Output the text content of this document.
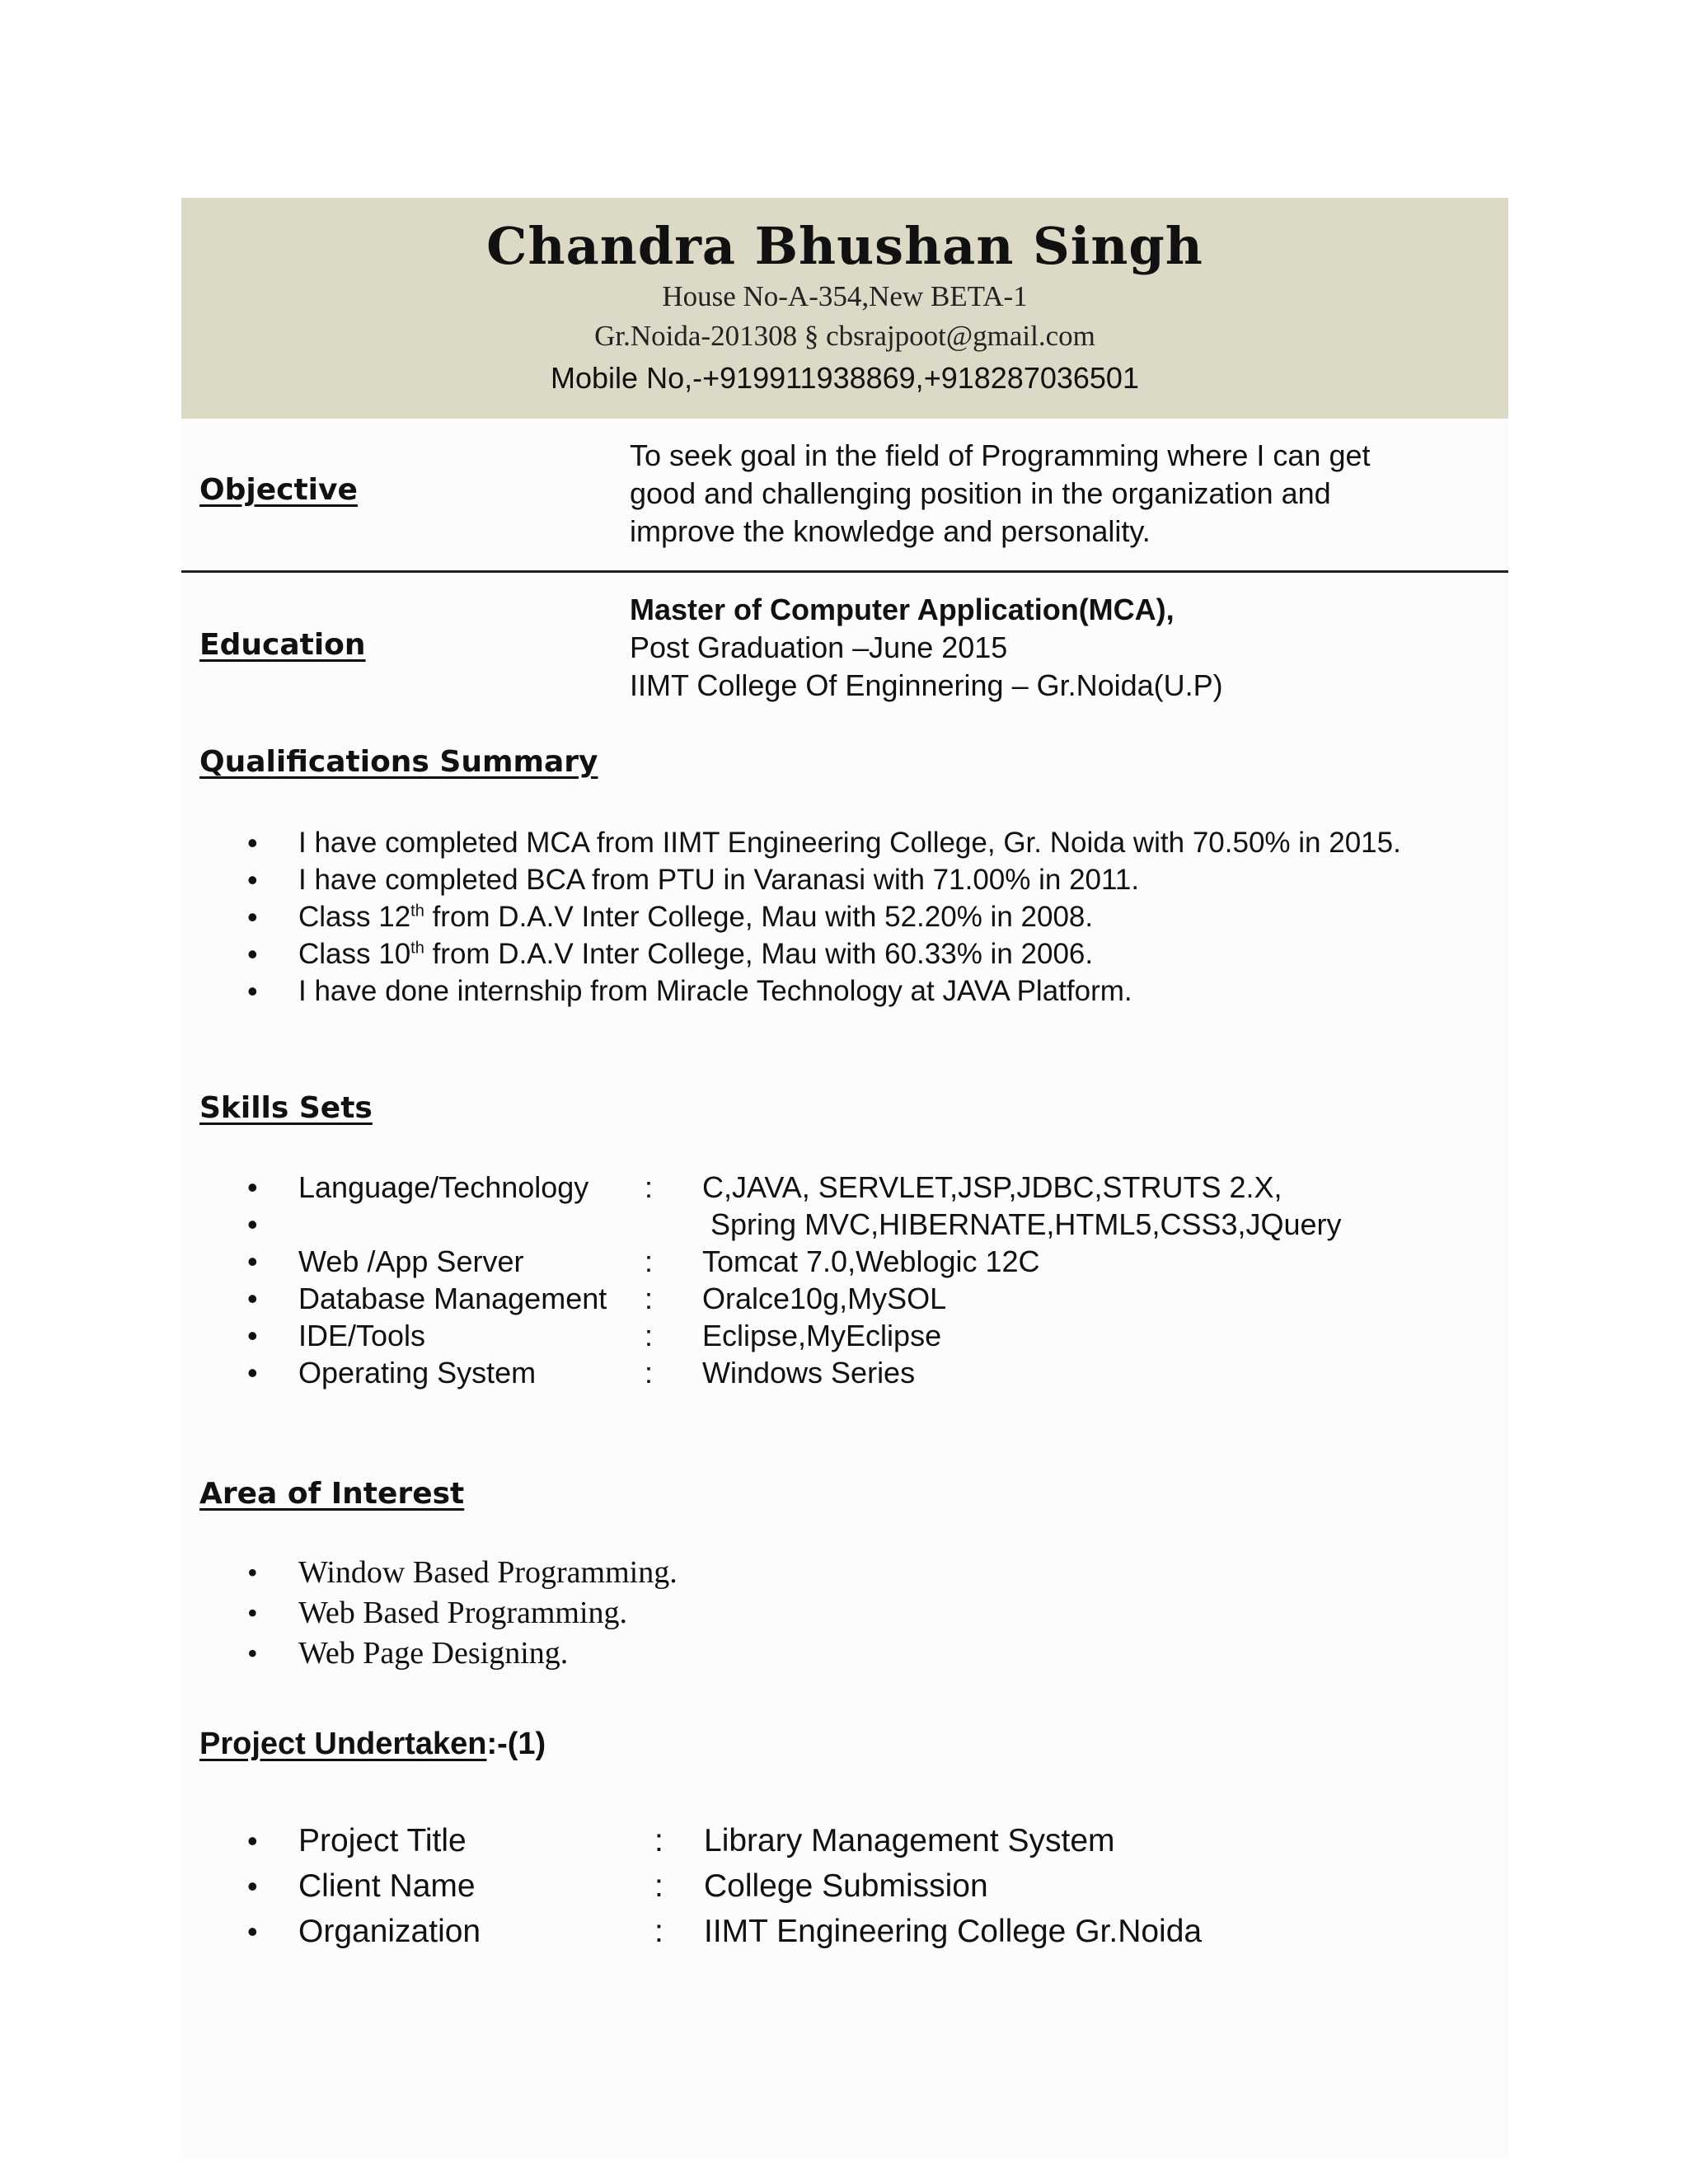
Chandra Bhushan Singh
House No-A-354,New BETA-1
Gr.Noida-201308 § cbsrajpoot@gmail.com
Mobile No,-+919911938869,+918287036501
Objective
To seek goal in the field of Programming where I can get
good and challenging position in the organization and
improve the knowledge and personality.
Education
Master of Computer Application(MCA),
Post Graduation –June 2015
IIMT College Of Enginnering – Gr.Noida(U.P)
Qualifications Summary
• I have completed MCA from IIMT Engineering College, Gr. Noida with 70.50% in 2015.
• I have completed BCA from PTU in Varanasi with 71.00% in 2011.
• Class 12th from D.A.V Inter College, Mau with 52.20% in 2008.
• Class 10th from D.A.V Inter College, Mau with 60.33% in 2006.
• I have done internship from Miracle Technology at JAVA Platform.
Skills Sets
• Language/Technology : C,JAVA, SERVLET,JSP,JDBC,STRUTS 2.X,
• Spring MVC,HIBERNATE,HTML5,CSS3,JQuery
• Web /App Server	: Tomcat 7.0,Weblogic 12C
• Database Management : Oralce10g,MySOL
• IDE/Tools	: Eclipse,MyEclipse
• Operating System	: Windows Series
Area of Interest
• Window Based Programming.
• Web Based Programming.
• Web Page Designing.
Project Undertaken:-(1)
• Project Title	: Library Management System
• Client Name	: College Submission
• Organization	: IIMT Engineering College Gr.Noida
